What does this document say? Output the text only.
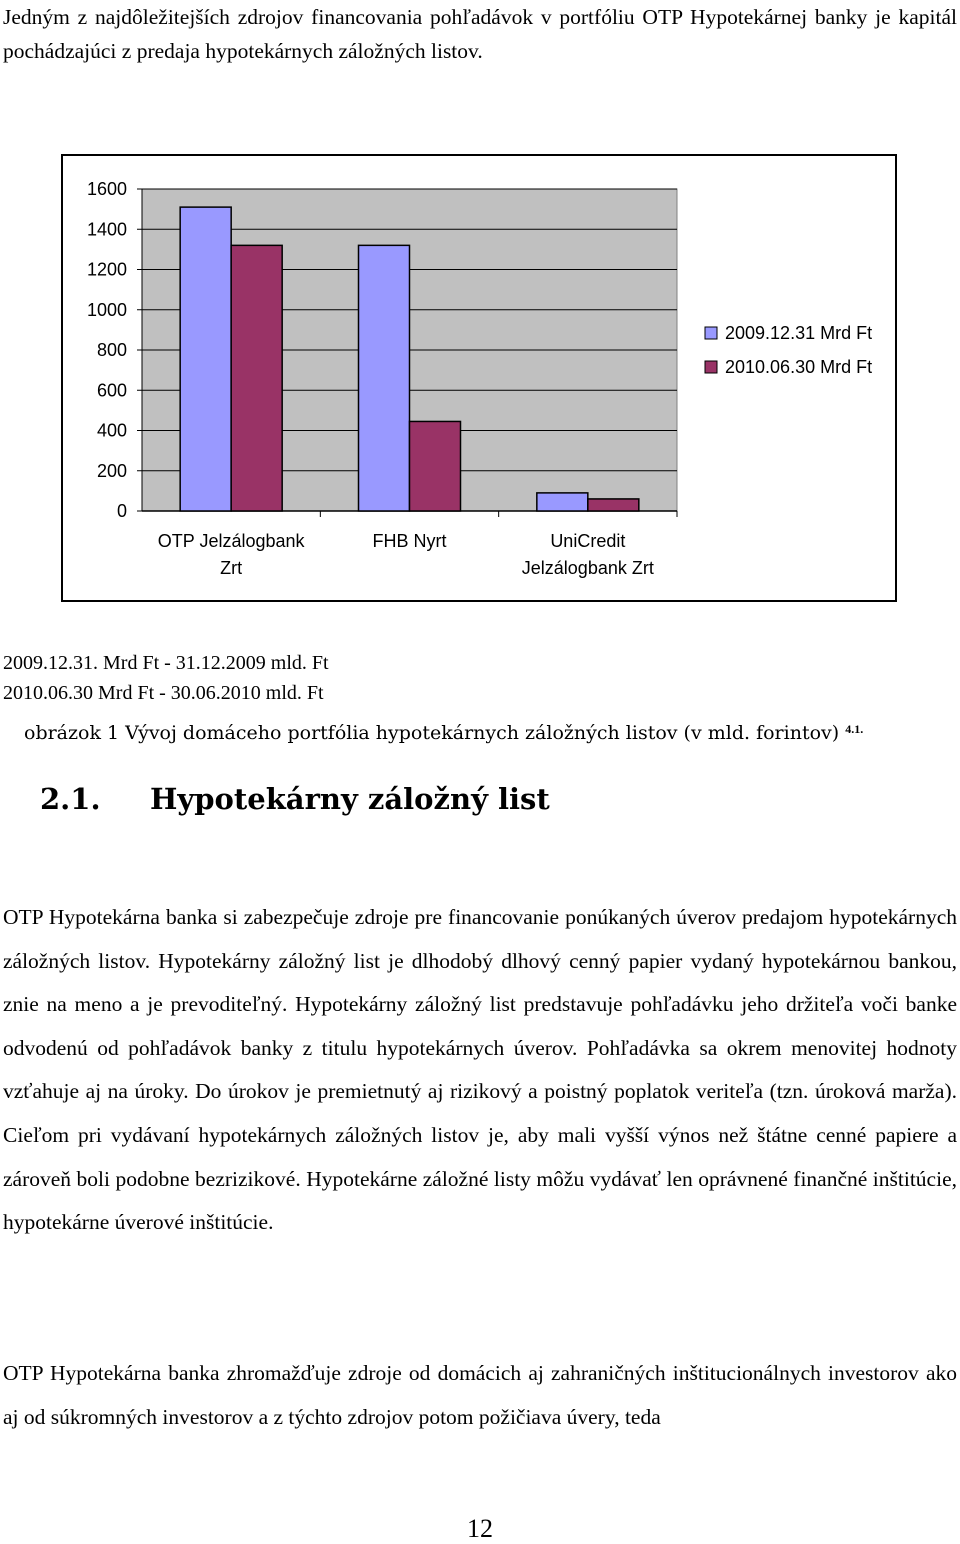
Jedným z najdôležitejších zdrojov financovania pohľadávok v portfóliu OTP Hypotekárnej banky je kapitál pochádzajúci z predaja hypotekárnych záložných listov.

0
200
400
600
800
1000
1200
1400
1600
OTP Jelzálogbank
Zrt
FHB Nyrt	UniCredit
Jelzálogbank Zrt
2009.12.31 Mrd Ft
2010.06.30 Mrd Ft
2009.12.31. Mrd Ft - 31.12.2009 mld. Ft
2010.06.30 Mrd Ft - 30.06.2010 mld. Ft
obrázok 1 Vývoj domáceho portfólia hypotekárnych záložných listov (v mld. forintov) $^{4.1.}$
2.1. Hypotekárny záložný list

OTP Hypotekárna banka si zabezpečuje zdroje pre financovanie ponúkaných úverov predajom hypotekárnych záložných listov. Hypotekárny záložný list je dlhodobý dlhový cenný papier vydaný hypotekárnou bankou, znie na meno a je prevoditeľný. Hypotekárny záložný list predstavuje pohľadávku jeho držiteľa voči banke odvodenú od pohľadávok banky z titulu hypotekárnych úverov. Pohľadávka sa okrem menovitej hodnoty vzťahuje aj na úroky. Do úrokov je premietnutý aj rizikový a poistný poplatok veriteľa (tzn. úroková marža). Cieľom pri vydávaní hypotekárnych záložných listov je, aby mali vyšší výnos než štátne cenné papiere a zároveň boli podobne bezrizikové. Hypotekárne záložné listy môžu vydávať len oprávnené finančné inštitúcie, hypotekárne úverové inštitúcie.

OTP Hypotekárna banka zhromažďuje zdroje od domácich aj zahraničných inštitucionálnych investorov ako aj od súkromných investorov a z týchto zdrojov potom požičiava úvery, teda

12
